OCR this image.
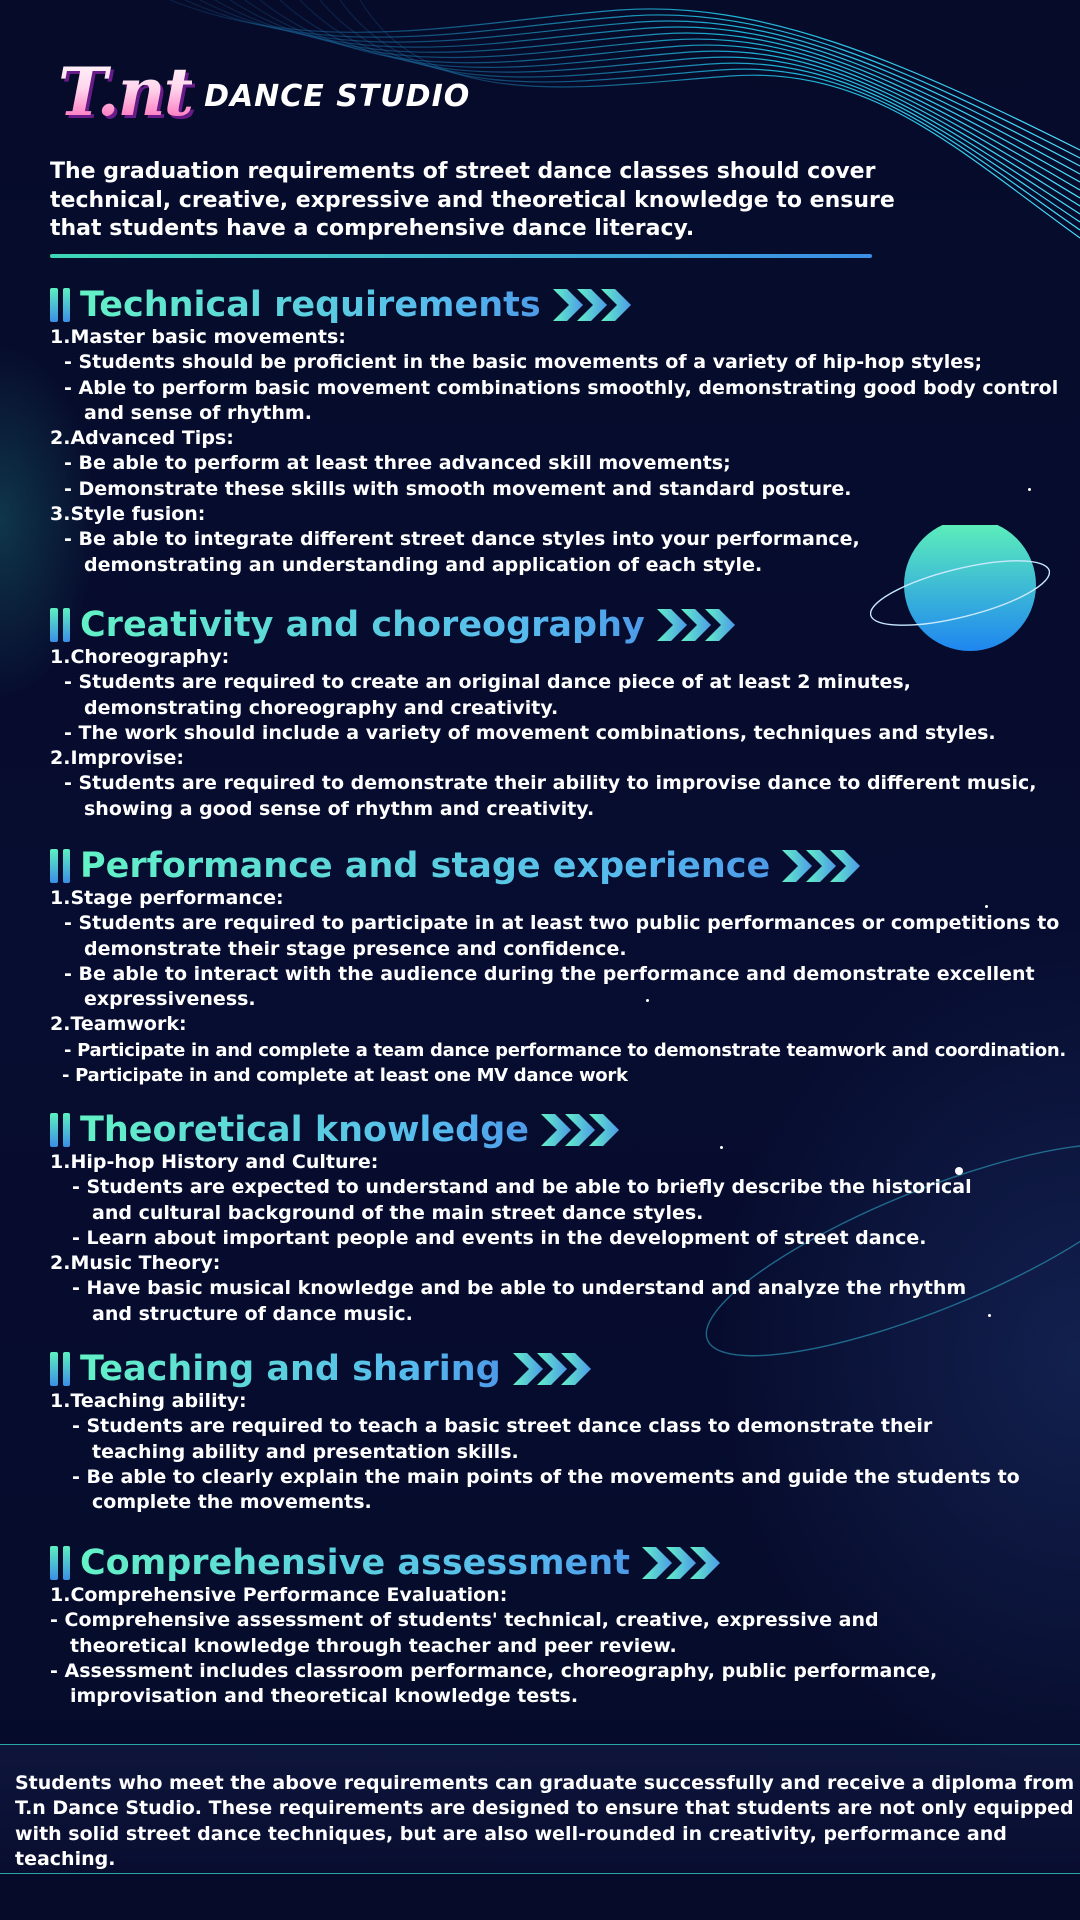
T.nt DANCE STUDIO
The graduation requirements of street dance classes should cover technical, creative, expressive and theoretical knowledge to ensure that students have a comprehensive dance literacy.
Technical requirements
1.Master basic movements:
- Students should be proficient in the basic movements of a variety of hip-hop styles;
- Able to perform basic movement combinations smoothly, demonstrating good body control and sense of rhythm.
2.Advanced Tips:
- Be able to perform at least three advanced skill movements;
- Demonstrate these skills with smooth movement and standard posture.
3.Style fusion:
- Be able to integrate different street dance styles into your performance, demonstrating an understanding and application of each style.
Creativity and choreography
1.Choreography:
- Students are required to create an original dance piece of at least 2 minutes, demonstrating choreography and creativity.
- The work should include a variety of movement combinations, techniques and styles.
2.Improvise:
- Students are required to demonstrate their ability to improvise dance to different music, showing a good sense of rhythm and creativity.
Performance and stage experience
1.Stage performance:
- Students are required to participate in at least two public performances or competitions to demonstrate their stage presence and confidence.
- Be able to interact with the audience during the performance and demonstrate excellent expressiveness.
2.Teamwork:
- Participate in and complete a team dance performance to demonstrate teamwork and coordination.
- Participate in and complete at least one MV dance work
Theoretical knowledge
1.Hip-hop History and Culture:
- Students are expected to understand and be able to briefly describe the historical and cultural background of the main street dance styles.
- Learn about important people and events in the development of street dance.
2.Music Theory:
- Have basic musical knowledge and be able to understand and analyze the rhythm and structure of dance music.
Teaching and sharing
1.Teaching ability:
- Students are required to teach a basic street dance class to demonstrate their teaching ability and presentation skills.
- Be able to clearly explain the main points of the movements and guide the students to complete the movements.
Comprehensive assessment
1.Comprehensive Performance Evaluation:
- Comprehensive assessment of students' technical, creative, expressive and theoretical knowledge through teacher and peer review.
- Assessment includes classroom performance, choreography, public performance, improvisation and theoretical knowledge tests.
Students who meet the above requirements can graduate successfully and receive a diploma from T.n Dance Studio. These requirements are designed to ensure that students are not only equipped with solid street dance techniques, but are also well-rounded in creativity, performance and teaching.
